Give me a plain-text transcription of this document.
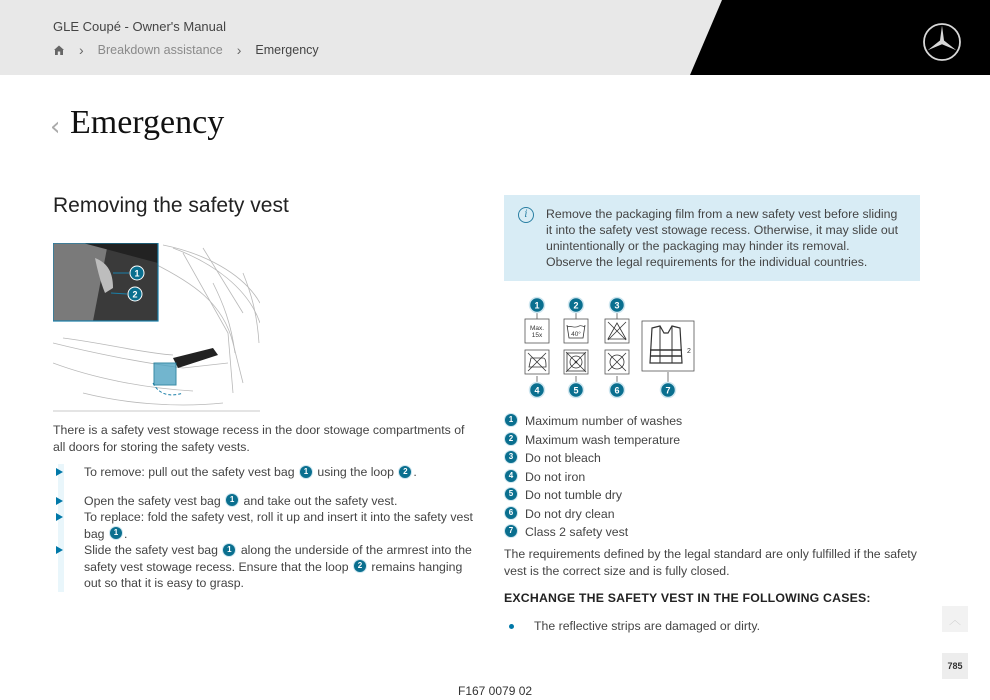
GLE Coupé - Owner's Manual
› Breakdown assistance › Emergency
‹ Emergency
Removing the safety vest
1
2
There is a safety vest stowage recess in the door stowage compartments of all doors for storing the safety vests.
To remove: pull out the safety vest bag 1 using the loop 2 .
Open the safety vest bag 1 and take out the safety vest.
To replace: fold the safety vest, roll it up and insert it into the safety vest bag 1 .
Slide the safety vest bag 1 along the underside of the armrest into the safety vest stowage recess. Ensure that the loop 2 remains hanging out so that it is easy to grasp.
i	Remove the packaging film from a new safety vest before sliding it into the safety vest stowage recess. Otherwise, it may slide out unintentionally or the packaging may hinder its removal.
Observe the legal requirements for the individual countries.
1	2	3
Max.
15x	40°
2
4	5	6	7
1 Maximum number of washes
2 Maximum wash temperature
3 Do not bleach
4 Do not iron
5 Do not tumble dry
6 Do not dry clean
7 Class 2 safety vest
The requirements defined by the legal standard are only fulfilled if the safety vest is the correct size and is fully closed.
EXCHANGE THE SAFETY VEST IN THE FOLLOWING CASES:
The reflective strips are damaged or dirty.	︿
785
F167 0079 02
